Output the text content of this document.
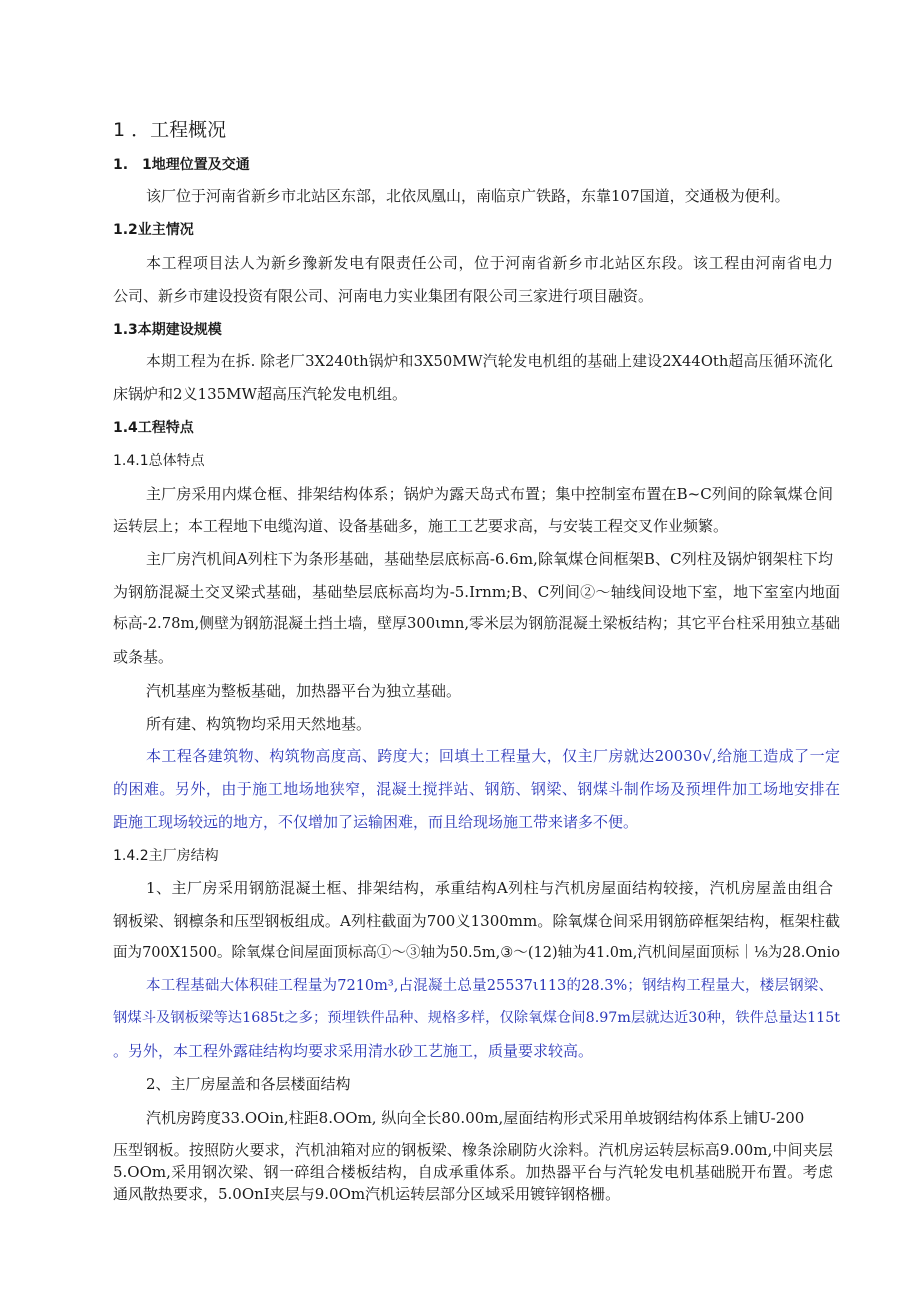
1 ．工程概况
1.　1地理位置及交通
该厂位于河南省新乡市北站区东部，北依凤凰山，南临京广铁路，东靠107国道，交通极为便利。
1.2业主情况
本工程项目法人为新乡豫新发电有限责任公司，位于河南省新乡市北站区东段。该工程由河南省电力
公司、新乡市建设投资有限公司、河南电力实业集团有限公司三家进行项目融资。
1.3本期建设规模
本期工程为在拆. 除老厂3X240th锅炉和3X50MW汽轮发电机组的基础上建设2X44Oth超高压循环流化
床锅炉和2义135MW超高压汽轮发电机组。
1.4工程特点
1.4.1总体特点
主厂房采用内煤仓框、排架结构体系；锅炉为露天岛式布置；集中控制室布置在B~C列间的除氧煤仓间
运转层上；本工程地下电缆沟道、设备基础多，施工工艺要求高，与安装工程交叉作业频繁。
主厂房汽机间A列柱下为条形基础，基础垫层底标高-6.6m,除氧煤仓间框架B、C列柱及锅炉钢架柱下均
为钢筋混凝土交叉梁式基础，基础垫层底标高均为-5.Irnm;B、C列间②～轴线间设地下室，地下室室内地面
标高-2.78m,侧壁为钢筋混凝土挡土墙，壁厚300ιmn,零米层为钢筋混凝土梁板结构；其它平台柱采用独立基础
或条基。
汽机基座为整板基础，加热器平台为独立基础。
所有建、构筑物均采用天然地基。
本工程各建筑物、构筑物高度高、跨度大；回填土工程量大，仅主厂房就达20030√,给施工造成了一定
的困难。另外，由于施工地场地狭窄，混凝土搅拌站、钢筋、钢梁、钢煤斗制作场及预埋件加工场地安排在
距施工现场较远的地方，不仅增加了运输困难，而且给现场施工带来诸多不便。
1.4.2主厂房结构
1、主厂房采用钢筋混凝土框、排架结构，承重结构A列柱与汽机房屋面结构较接，汽机房屋盖由组合
钢板梁、钢檩条和压型钢板组成。A列柱截面为700义1300mm。除氧煤仓间采用钢筋碎框架结构，框架柱截
面为700X1500。除氧煤仓间屋面顶标高①～③轴为50.5m,③～(12)轴为41.0m,汽机间屋面顶标｜⅛为28.Onio
本工程基础大体积硅工程量为7210m³,占混凝土总量25537ι113的28.3%；钢结构工程量大，楼层钢梁、
钢煤斗及钢板梁等达1685t之多；预埋铁件品种、规格多样，仅除氧煤仓间8.97m层就达近30种，铁件总量达115t
。另外，本工程外露硅结构均要求采用清水砂工艺施工，质量要求较高。
2、主厂房屋盖和各层楼面结构
汽机房跨度33.OOin,柱距8.OOm, 纵向全长80.00m,屋面结构形式采用单坡钢结构体系上铺U-200
压型钢板。按照防火要求，汽机油箱对应的钢板梁、橡条涂刷防火涂料。汽机房运转层标高9.00m,中间夹层
5.OOm,采用钢次梁、钢一碎组合楼板结构，自成承重体系。加热器平台与汽轮发电机基础脱开布置。考虑
通风散热要求，5.0OnI夹层与9.0Om汽机运转层部分区域采用镀锌钢格栅。
